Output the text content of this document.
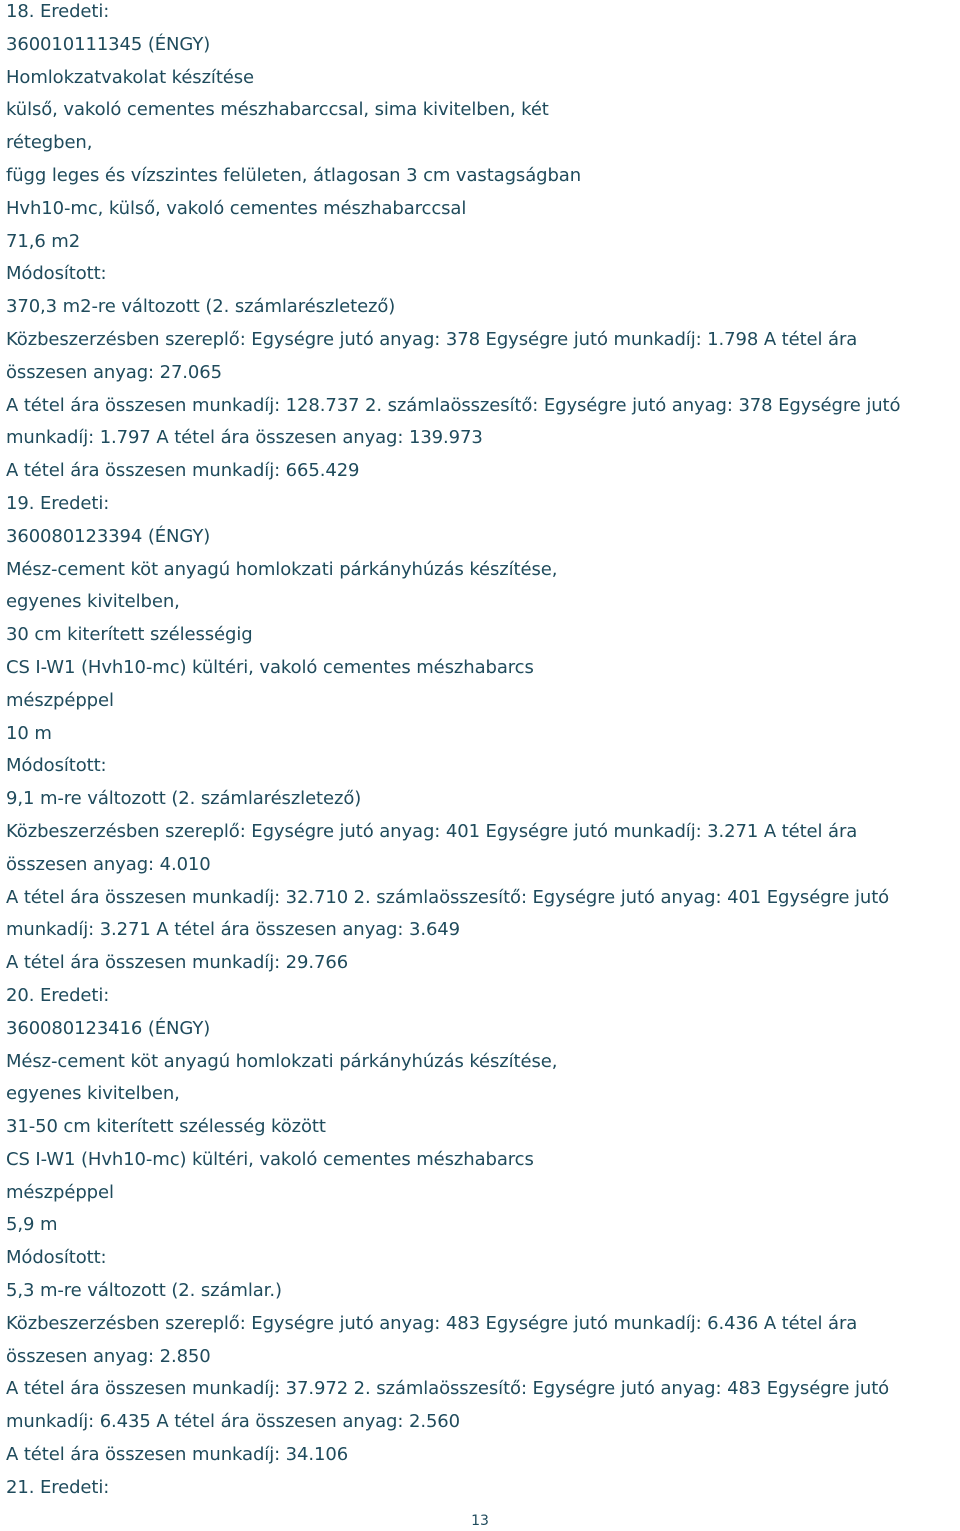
18. Eredeti:
360010111345 (ÉNGY)
Homlokzatvakolat készítése
külső, vakoló cementes mészhabarccsal, sima kivitelben, két
rétegben,
függ leges és vízszintes felületen, átlagosan 3 cm vastagságban
Hvh10-mc, külső, vakoló cementes mészhabarccsal
71,6 m2
Módosított:
370,3 m2-re változott (2. számlarészletező)
Közbeszerzésben szereplő: Egységre jutó anyag: 378 Egységre jutó munkadíj: 1.798 A tétel ára
összesen anyag: 27.065
A tétel ára összesen munkadíj: 128.737 2. számlaösszesítő: Egységre jutó anyag: 378 Egységre jutó
munkadíj: 1.797 A tétel ára összesen anyag: 139.973
A tétel ára összesen munkadíj: 665.429
19. Eredeti:
360080123394 (ÉNGY)
Mész-cement köt anyagú homlokzati párkányhúzás készítése,
egyenes kivitelben,
30 cm kiterített szélességig
CS I-W1 (Hvh10-mc) kültéri, vakoló cementes mészhabarcs
mészpéppel
10 m
Módosított:
9,1 m-re változott (2. számlarészletező)
Közbeszerzésben szereplő: Egységre jutó anyag: 401 Egységre jutó munkadíj: 3.271 A tétel ára
összesen anyag: 4.010
A tétel ára összesen munkadíj: 32.710 2. számlaösszesítő: Egységre jutó anyag: 401 Egységre jutó
munkadíj: 3.271 A tétel ára összesen anyag: 3.649
A tétel ára összesen munkadíj: 29.766
20. Eredeti:
360080123416 (ÉNGY)
Mész-cement köt anyagú homlokzati párkányhúzás készítése,
egyenes kivitelben,
31-50 cm kiterített szélesség között
CS I-W1 (Hvh10-mc) kültéri, vakoló cementes mészhabarcs
mészpéppel
5,9 m
Módosított:
5,3 m-re változott (2. számlar.)
Közbeszerzésben szereplő: Egységre jutó anyag: 483 Egységre jutó munkadíj: 6.436 A tétel ára
összesen anyag: 2.850
A tétel ára összesen munkadíj: 37.972 2. számlaösszesítő: Egységre jutó anyag: 483 Egységre jutó
munkadíj: 6.435 A tétel ára összesen anyag: 2.560
A tétel ára összesen munkadíj: 34.106
21. Eredeti:
13
